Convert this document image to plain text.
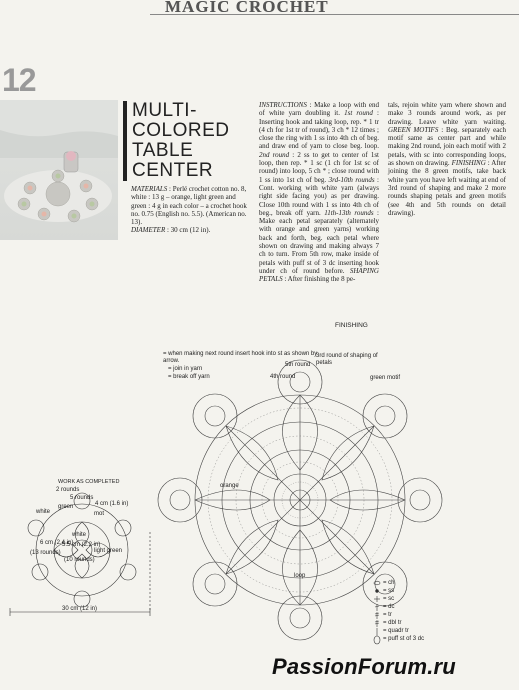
MAGIC CROCHET
12
MULTI-
COLORED
TABLE
CENTER
MATERIALS : Perlé crochet cotton no. 8, white : 13 g – orange, light green and green : 4 g in each color – a crochet hook no. 0.75 (English no. 5.5). (American no. 13).
DIAMETER : 30 cm (12 in).
INSTRUCTIONS : Make a loop with end of white yarn doubling it. 1st round : Inserting hook and taking loop, rep. * 1 tr (4 ch for 1st tr of round), 3 ch * 12 times ; close the ring with 1 ss into 4th ch of beg. and draw end of yarn to close beg. loop. 2nd round : 2 ss to get to center of 1st loop, then rep. * 1 sc (1 ch for 1st sc of round) into loop, 5 ch * ; close round with 1 ss into 1st ch of beg. 3rd-10th rounds : Cont. working with white yarn (always right side facing you) as per drawing. Close 10th round with 1 ss into 4th ch of beg., break off yarn. 11th-13th rounds : Make each petal separately (alternately with orange and green yarns) working back and forth, beg. each petal where shown on drawing and making always 7 ch to turn. From 5th row, make inside of petals with puff st of 3 dc inserting hook under ch of round before. SHAPING PETALS : After finishing the 8 pe-
tals, rejoin white yarn where shown and make 3 rounds around work, as per drawing. Leave white yarn waiting. GREEN MOTIFS : Beg. separately each motif same as center part and while making 2nd round, join each motif with 2 petals, with sc into corresponding loops, as shown on drawing. FINISHING : After joining the 8 green motifs, take back white yarn you have left waiting at end of 3rd round of shaping and make 2 more rounds shaping petals and green motifs (see 4th and 5th rounds on detail drawing).
FINISHING
= when making next round insert hook into st as shown by arrow.
= join in yarn
= break off yarn
5th round
4th round
3rd round of shaping of petals
green motif
orange
loop
WORK AS COMPLETED
2 rounds
5 rounds
4 cm (1.6 in)
white
green
mot
white
6 cm (2.4 in)
(13 rounds)
5.5 cm (2.2 in)
light green
(10 rounds)
30 cm (12 in)
= ch
= ss
= sc
= dc
= tr
= dbl tr
= quadr tr
= puff st of 3 dc
PassionForum.ru
